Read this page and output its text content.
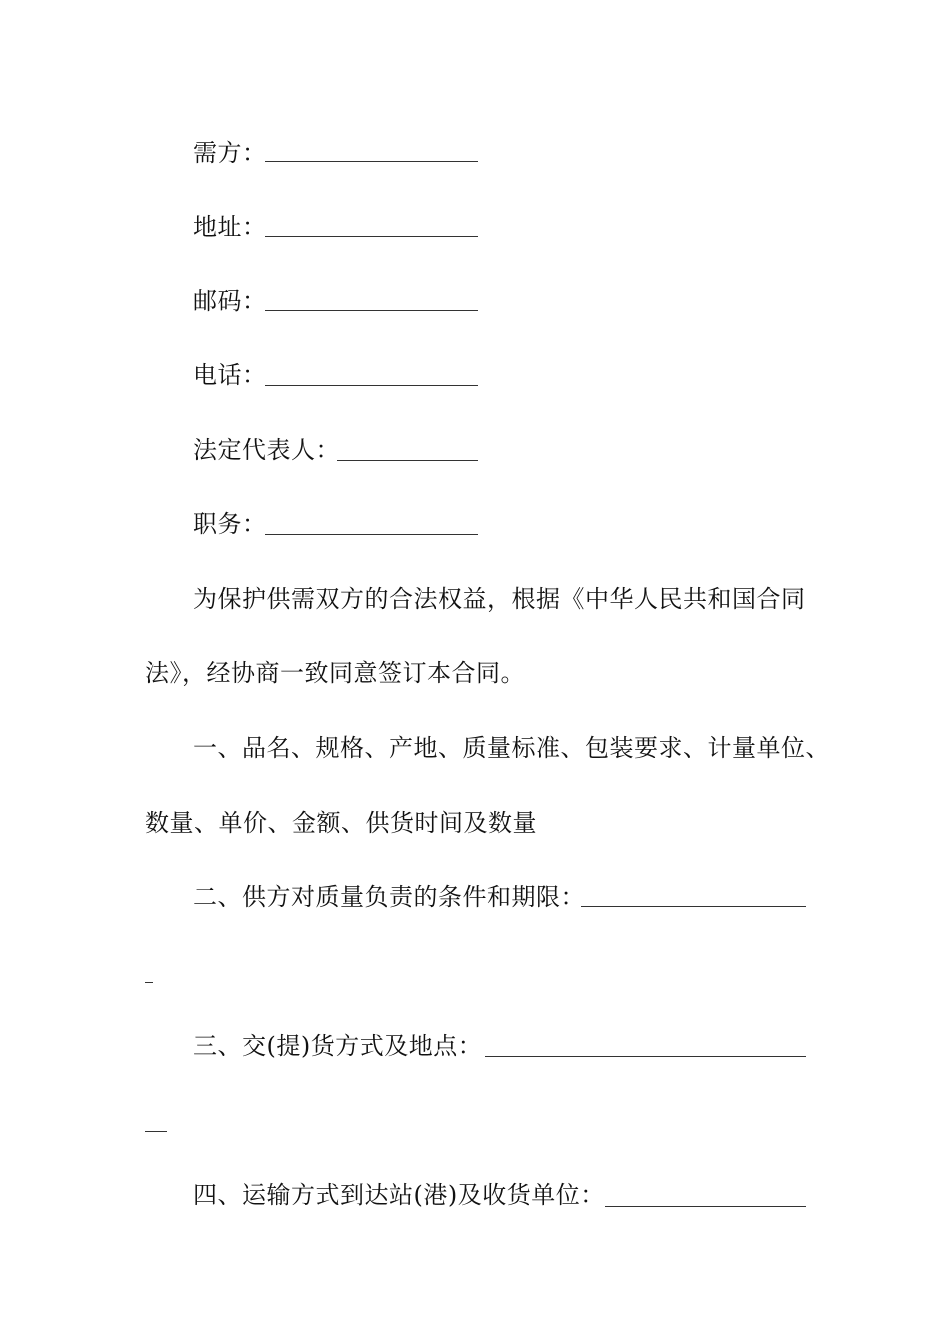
需方：
地址：
邮码：
电话：
法定代表人：
职务：
为保护供需双方的合法权益，根据《中华人民共和国合同
法》，经协商一致同意签订本合同。
一、品名、规格、产地、质量标准、包装要求、计量单位、
数量、单价、金额、供货时间及数量
二、供方对质量负责的条件和期限：
三、交(提)货方式及地点：
四、运输方式到达站(港)及收货单位：
